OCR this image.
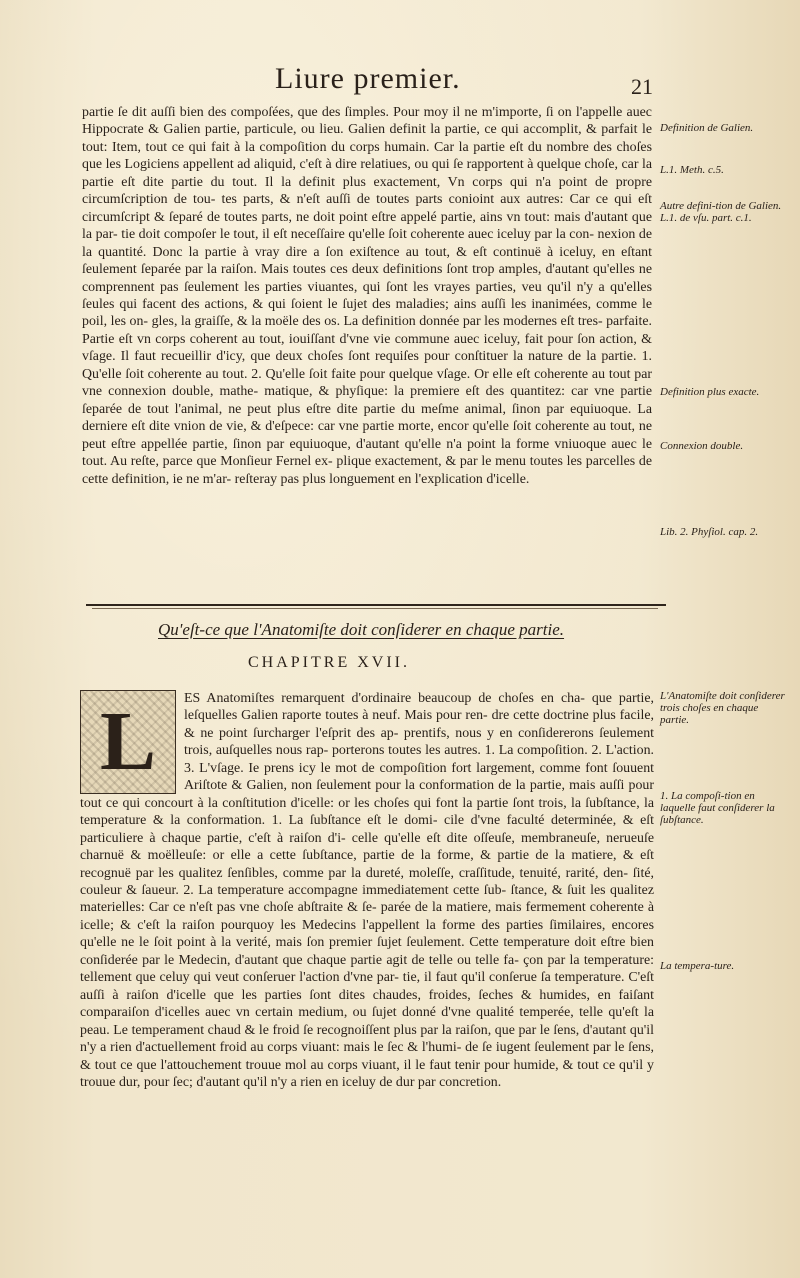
Liure premier.	21
partie ſe dit auſſi bien des compoſées, que des ſimples. Pour moy il ne m'importe, ſi on l'appelle auec Hippocrate & Galien partie, particule, ou lieu. Galien definit la partie, ce qui accomplit, & parfait le tout: Item, tout ce qui fait à la compoſition du corps humain. Car la partie eſt du nombre des choſes que les Logiciens appellent ad aliquid, c'eſt à dire relatiues, ou qui ſe rapportent à quelque choſe, car la partie eſt dite partie du tout. Il la definit plus exactement, Vn corps qui n'a point de propre circumſcription de tou- tes parts, & n'eſt auſſi de toutes parts conioint aux autres: Car ce qui eſt circumſcript & ſeparé de toutes parts, ne doit point eſtre appelé partie, ains vn tout: mais d'autant que la par- tie doit compoſer le tout, il eſt neceſſaire qu'elle ſoit coherente auec iceluy par la con- nexion de la quantité. Donc la partie à vray dire a ſon exiſtence au tout, & eſt continuë à iceluy, en eſtant ſeulement ſeparée par la raiſon. Mais toutes ces deux definitions ſont trop amples, d'autant qu'elles ne comprennent pas ſeulement les parties viuantes, qui ſont les vrayes parties, veu qu'il n'y a qu'elles ſeules qui facent des actions, & qui ſoient le ſujet des maladies; ains auſſi les inanimées, comme le poil, les on- gles, la graiſſe, & la moële des os. La definition donnée par les modernes eſt tres- parfaite. Partie eſt vn corps coherent au tout, iouiſſant d'vne vie commune auec iceluy, fait pour ſon action, & vſage. Il faut recueillir d'icy, que deux choſes ſont requiſes pour conſtituer la nature de la partie. 1. Qu'elle ſoit coherente au tout. 2. Qu'elle ſoit faite pour quelque vſage. Or elle eſt coherente au tout par vne connexion double, mathe- matique, & phyſique: la premiere eſt des quantitez: car vne partie ſeparée de tout l'animal, ne peut plus eſtre dite partie du meſme animal, ſinon par equiuoque. La derniere eſt dite vnion de vie, & d'eſpece: car vne partie morte, encor qu'elle ſoit coherente au tout, ne peut eſtre appellée partie, ſinon par equiuoque, d'autant qu'elle n'a point la forme vniuoque auec le tout. Au reſte, parce que Monſieur Fernel ex- plique exactement, & par le menu toutes les parcelles de cette definition, ie ne m'ar- reſteray pas plus longuement en l'explication d'icelle.
Definition de Galien.
L.1. Meth. c.5.
Autre defini-tion de Galien. L.1. de vſu. part. c.1.
Definition plus exacte.
Connexion double.
Lib. 2. Phyſiol. cap. 2.
Qu'eſt-ce que l'Anatomiſte doit conſiderer en chaque partie.
CHAPITRE XVII.
L	ES Anatomiſtes remarquent d'ordinaire beaucoup de choſes en cha- que partie, leſquelles Galien raporte toutes à neuf. Mais pour ren- dre cette doctrine plus facile, & ne point ſurcharger l'eſprit des ap- prentifs, nous y en conſidererons ſeulement trois, auſquelles nous rap- porterons toutes les autres. 1. La compoſition. 2. L'action. 3. L'vſage. Ie prens icy le mot de compoſition fort largement, comme font ſouuent Ariſtote & Galien, non ſeulement pour la conformation de la partie, mais auſſi pour tout ce qui concourt à la conſtitution d'icelle: or les choſes qui font la partie ſont trois, la ſubſtance, la temperature & la conformation. 1. La ſubſtance eſt le domi- cile d'vne faculté determinée, & eſt particuliere à chaque partie, c'eſt à raiſon d'i- celle qu'elle eſt dite oſſeuſe, membraneuſe, nerueuſe charnuë & moëlleuſe: or elle a cette ſubſtance, partie de la forme, & partie de la matiere, & eſt recognuë par les qualitez ſenſibles, comme par la dureté, moleſſe, craſſitude, tenuité, rarité, den- ſité, couleur & ſaueur. 2. La temperature accompagne immediatement cette ſub- ſtance, & ſuit les qualitez materielles: Car ce n'eſt pas vne choſe abſtraite & ſe- parée de la matiere, mais fermement coherente à icelle; & c'eſt la raiſon pourquoy les Medecins l'appellent la forme des parties ſimilaires, encores qu'elle ne le ſoit point à la verité, mais ſon premier ſujet ſeulement. Cette temperature doit eſtre bien conſiderée par le Medecin, d'autant que chaque partie agit de telle ou telle fa- çon par la temperature: tellement que celuy qui veut conſeruer l'action d'vne par- tie, il faut qu'il conſerue ſa temperature. C'eſt auſſi à raiſon d'icelle que les parties ſont dites chaudes, froides, ſeches & humides, en faiſant comparaiſon d'icelles auec vn certain medium, ou ſujet donné d'vne qualité temperée, telle qu'eſt la peau. Le temperament chaud & le froid ſe recognoiſſent plus par la raiſon, que par le ſens, d'autant qu'il n'y a rien d'actuellement froid au corps viuant: mais le ſec & l'humi- de ſe iugent ſeulement par le ſens, & tout ce que l'attouchement trouue mol au corps viuant, il le faut tenir pour humide, & tout ce qu'il y trouue dur, pour ſec; d'autant qu'il n'y a rien en iceluy de dur par concretion.
L'Anatomiſte doit conſiderer trois choſes en chaque partie.
1. La compoſi-tion en laquelle faut conſiderer la ſubſtance.
La tempera-ture.
